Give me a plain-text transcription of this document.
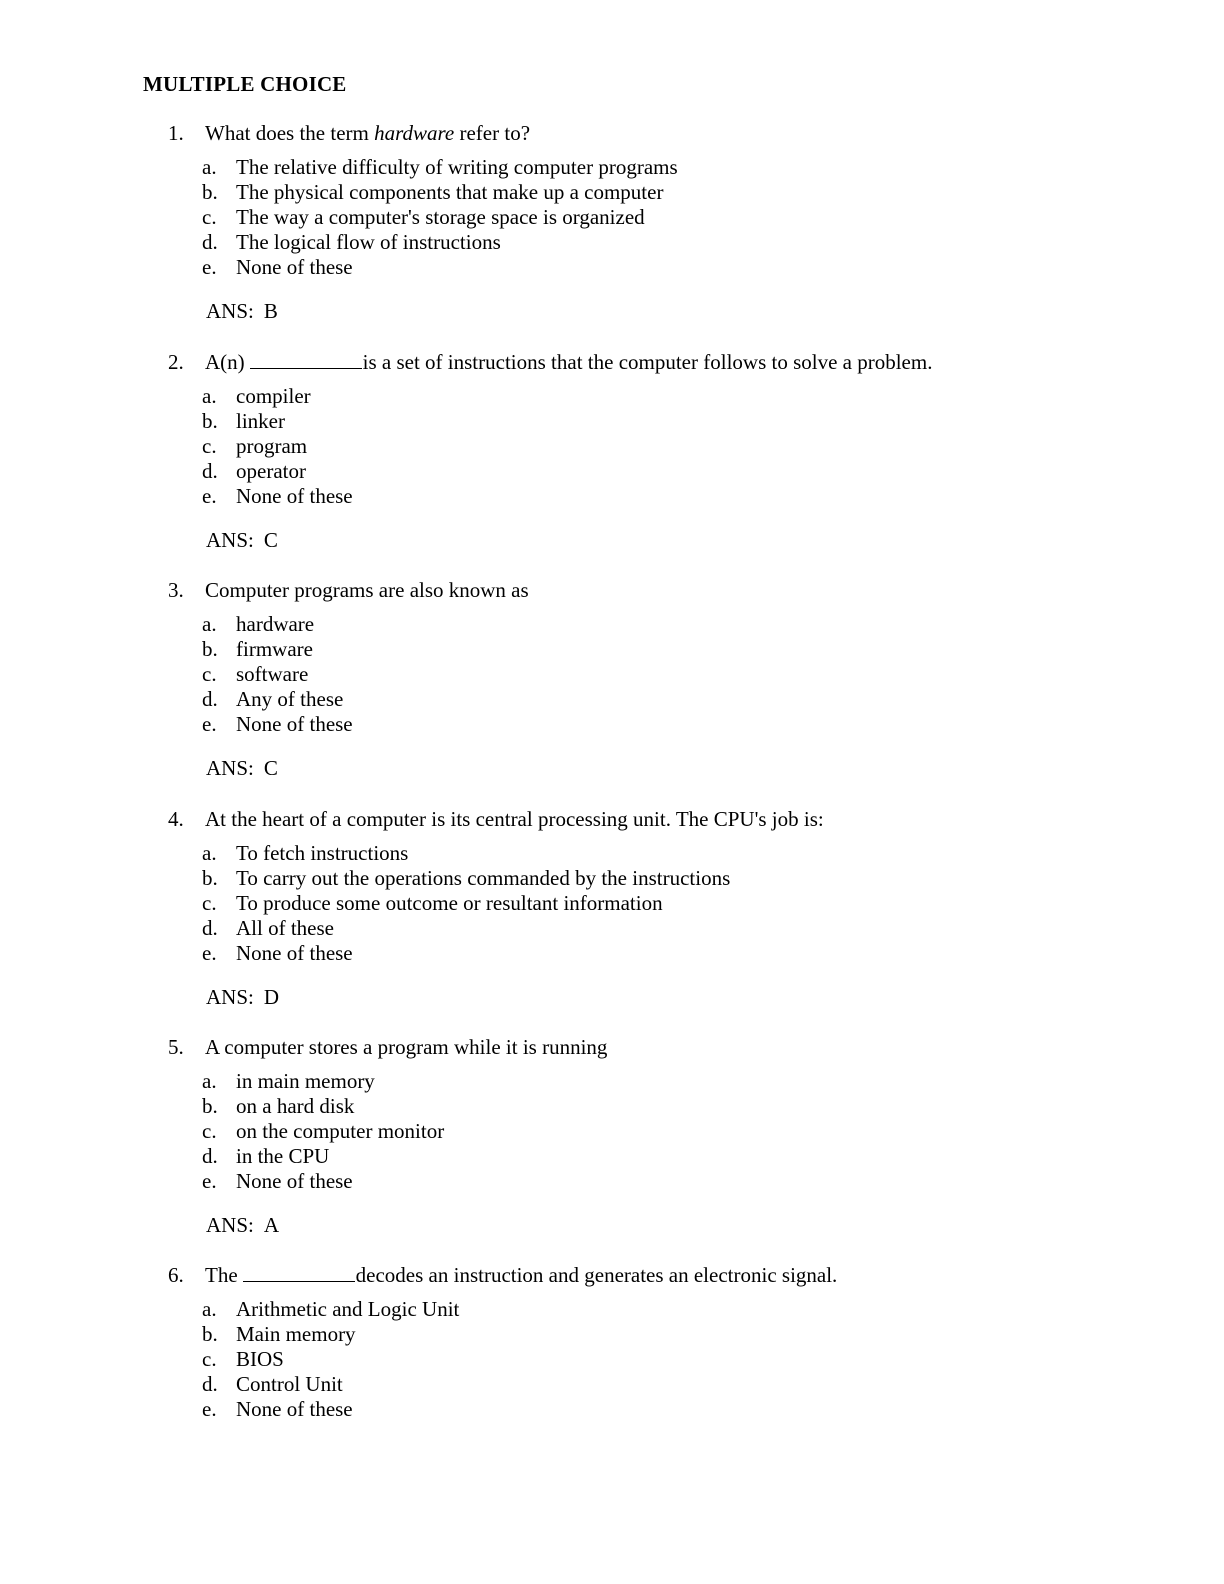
MULTIPLE CHOICE
1.	What does the term hardware refer to?
a. The relative difficulty of writing computer programs
b. The physical components that make up a computer
c. The way a computer's storage space is organized
d. The logical flow of instructions
e. None of these
ANS: B
2.	A(n)	is a set of instructions that the computer follows to solve a problem.
a. compiler
b. linker
c. program
d. operator
e. None of these
ANS: C
3.	Computer programs are also known as
a. hardware
b. firmware
c. software
d. Any of these
e. None of these
ANS: C
4.	At the heart of a computer is its central processing unit. The CPU's job is:
a. To fetch instructions
b. To carry out the operations commanded by the instructions
c. To produce some outcome or resultant information
d. All of these
e. None of these
ANS: D
5.	A computer stores a program while it is running
a. in main memory
b. on a hard disk
c. on the computer monitor
d. in the CPU
e. None of these
ANS: A
6.	The	decodes an instruction and generates an electronic signal.
a. Arithmetic and Logic Unit
b. Main memory
c. BIOS
d. Control Unit
e. None of these
